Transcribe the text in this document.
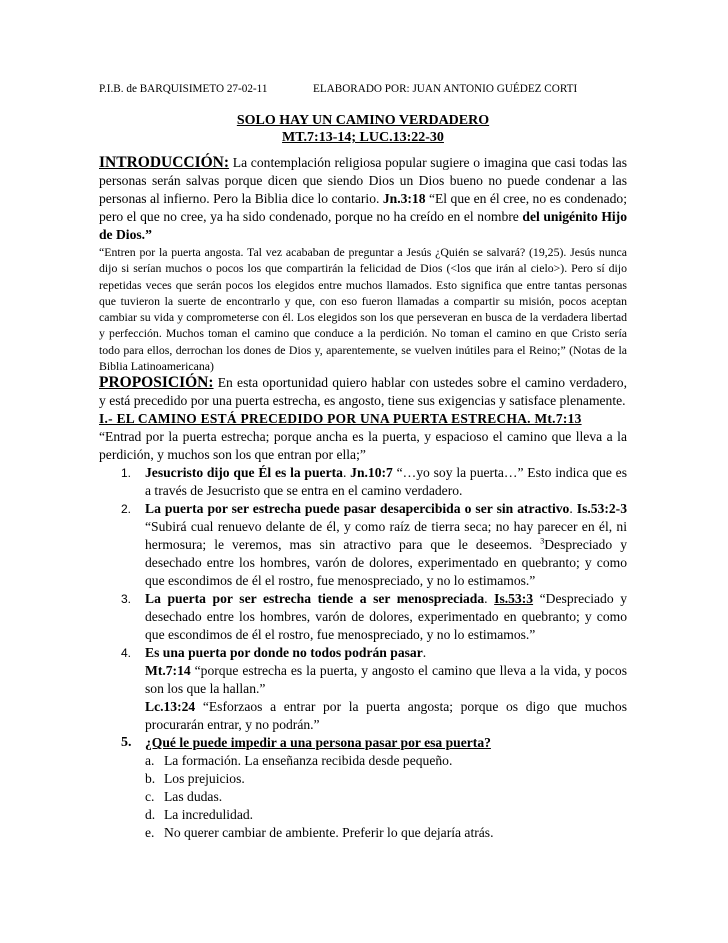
P.I.B. de BARQUISIMETO 27-02-11	ELABORADO POR: JUAN ANTONIO GUÉDEZ CORTI
SOLO HAY UN CAMINO VERDADERO
MT.7:13-14; LUC.13:22-30

INTRODUCCIÓN: La contemplación religiosa popular sugiere o imagina que casi todas las personas serán salvas porque dicen que siendo Dios un Dios bueno no puede condenar a las personas al infierno. Pero la Biblia dice lo contario. Jn.3:18 “El que en él cree, no es condenado; pero el que no cree, ya ha sido condenado, porque no ha creído en el nombre del unigénito Hijo de Dios.”

“Entren por la puerta angosta. Tal vez acababan de preguntar a Jesús ¿Quién se salvará? (19,25). Jesús nunca dijo si serían muchos o pocos los que compartirán la felicidad de Dios (<los que irán al cielo>). Pero sí dijo repetidas veces que serán pocos los elegidos entre muchos llamados. Esto significa que entre tantas personas que tuvieron la suerte de encontrarlo y que, con eso fueron llamadas a compartir su misión, pocos aceptan cambiar su vida y comprometerse con él. Los elegidos son los que perseveran en busca de la verdadera libertad y perfección. Muchos toman el camino que conduce a la perdición. No toman el camino en que Cristo sería todo para ellos, derrochan los dones de Dios y, aparentemente, se vuelven inútiles para el Reino;” (Notas de la Biblia Latinoamericana)

PROPOSICIÓN: En esta oportunidad quiero hablar con ustedes sobre el camino verdadero, y está precedido por una puerta estrecha, es angosto, tiene sus exigencias y satisface plenamente.

I.- EL CAMINO ESTÁ PRECEDIDO POR UNA PUERTA ESTRECHA. Mt.7:13

“Entrad por la puerta estrecha; porque ancha es la puerta, y espacioso el camino que lleva a la perdición, y muchos son los que entran por ella;”

1. Jesucristo dijo que Él es la puerta. Jn.10:7 “…yo soy la puerta…” Esto indica que es a través de Jesucristo que se entra en el camino verdadero.
2. La puerta por ser estrecha puede pasar desapercibida o ser sin atractivo. Is.53:2-3 “Subirá cual renuevo delante de él, y como raíz de tierra seca; no hay parecer en él, ni hermosura; le veremos, mas sin atractivo para que le deseemos. $^3$Despreciado y desechado entre los hombres, varón de dolores, experimentado en quebranto; y como que escondimos de él el rostro, fue menospreciado, y no lo estimamos.”
3. La puerta por ser estrecha tiende a ser menospreciada. Is.53:3 “Despreciado y desechado entre los hombres, varón de dolores, experimentado en quebranto; y como que escondimos de él el rostro, fue menospreciado, y no lo estimamos.”
4. Es una puerta por donde no todos podrán pasar.
Mt.7:14 “porque estrecha es la puerta, y angosto el camino que lleva a la vida, y pocos son los que la hallan.”
Lc.13:24 “Esforzaos a entrar por la puerta angosta; porque os digo que muchos procurarán entrar, y no podrán.”
5. ¿Qué le puede impedir a una persona pasar por esa puerta?
a. La formación. La enseñanza recibida desde pequeño.
b. Los prejuicios.
c. Las dudas.
d. La incredulidad.
e. No querer cambiar de ambiente. Preferir lo que dejaría atrás.
